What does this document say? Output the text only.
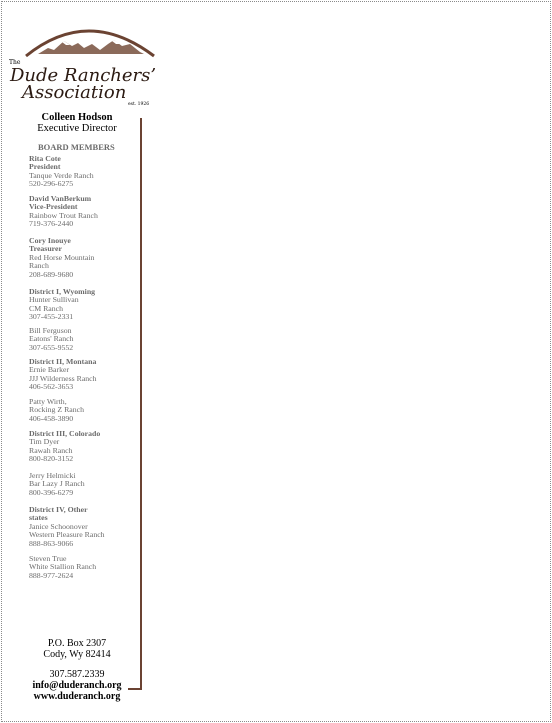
The
Dude Ranchers’
Association
est. 1926
Colleen Hodson
Executive Director
BOARD MEMBERS
Rita Cote
President
Tanque Verde Ranch
520-296-6275
David VanBerkum
Vice-President
Rainbow Trout Ranch
719-376-2440
Cory Inouye
Treasurer
Red Horse Mountain
Ranch
208-689-9680
District I, Wyoming
Hunter Sullivan
CM Ranch
307-455-2331
Bill Ferguson
Eatons' Ranch
307-655-9552
District II, Montana
Ernie Barker
JJJ Wilderness Ranch
406-562-3653
Patty Wirth,
Rocking Z Ranch
406-458-3890
District III, Colorado
Tim Dyer
Rawah Ranch
800-820-3152
Jerry Helmicki
Bar Lazy J Ranch
800-396-6279
District IV, Other
states
Janice Schoonover
Western Pleasure Ranch
888-863-9066
Steven True
White Stallion Ranch
888-977-2624
P.O. Box 2307
Cody, Wy 82414
307.587.2339
info@duderanch.org
www.duderanch.org
